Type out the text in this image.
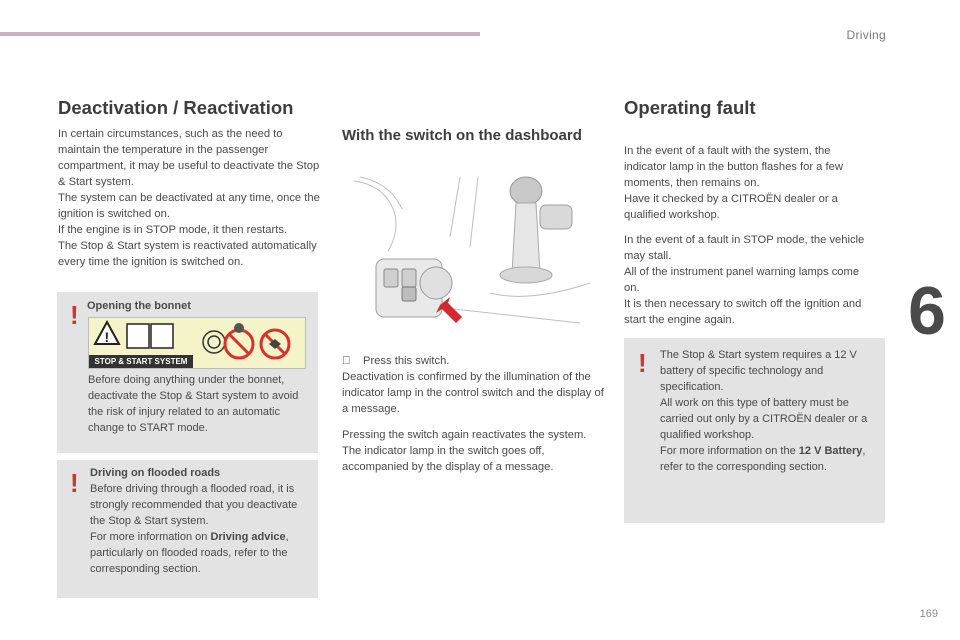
Driving
6
169
Deactivation / Reactivation

In certain circumstances, such as the need to maintain the temperature in the passenger compartment, it may be useful to deactivate the Stop & Start system.

The system can be deactivated at any time, once the ignition is switched on.

If the engine is in STOP mode, it then restarts.

The Stop & Start system is reactivated automatically every time the ignition is switched on.

! Opening the bonnet
Before doing anything under the bonnet, deactivate the Stop & Start system to avoid the risk of injury related to an automatic change to START mode.
!
STOP & START SYSTEM
! Driving on flooded roads

Before driving through a flooded road, it is strongly recommended that you deactivate the Stop & Start system.

For more information on Driving advice, particularly on flooded roads, refer to the corresponding section.

With the switch on the dashboard

Press this switch.

Deactivation is confirmed by the illumination of the indicator lamp in the control switch and the display of a message.

Pressing the switch again reactivates the system.

The indicator lamp in the switch goes off, accompanied by the display of a message.

Operating fault

In the event of a fault with the system, the indicator lamp in the button flashes for a few moments, then remains on.

Have it checked by a CITROËN dealer or a qualified workshop.

In the event of a fault in STOP mode, the vehicle may stall.

All of the instrument panel warning lamps come on.

It is then necessary to switch off the ignition and start the engine again.

! The Stop & Start system requires a 12 V battery of specific technology and specification.

All work on this type of battery must be carried out only by a CITROËN dealer or a qualified workshop.

For more information on the 12 V Battery, refer to the corresponding section.
